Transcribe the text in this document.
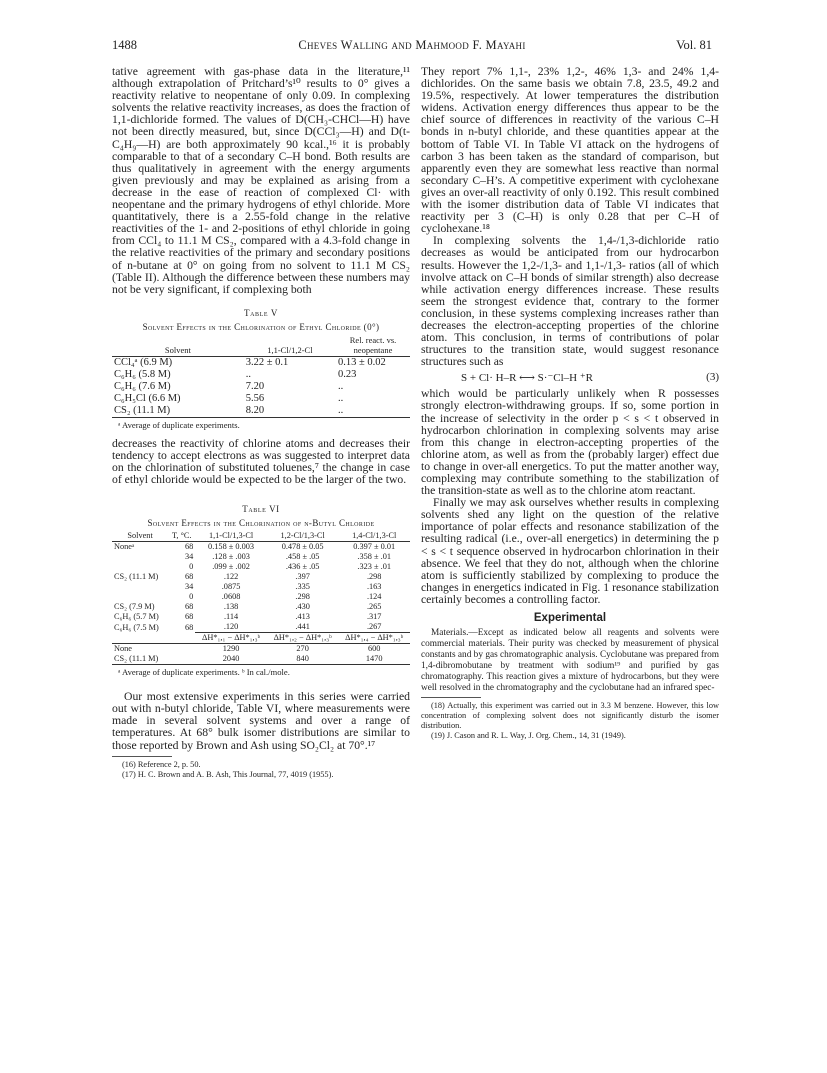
1488	Cheves Walling and Mahmood F. Mayahi	Vol. 81

tative agreement with gas-phase data in the literature,¹¹ although extrapolation of Pritchard’s¹⁰ results to 0° gives a reactivity relative to neopentane of only 0.09. In complexing solvents the relative reactivity increases, as does the fraction of 1,1-dichloride formed. The values of D(CH₃-CHCl—H) have not been directly measured, but, since D(CCl₃—H) and D(t-C₄H₉—H) are both approximately 90 kcal.,¹⁶ it is probably comparable to that of a secondary C–H bond. Both results are thus qualitatively in agreement with the energy arguments given previously and may be explained as arising from a decrease in the ease of reaction of complexed Cl· with neopentane and the primary hydrogens of ethyl chloride. More quantitatively, there is a 2.55-fold change in the relative reactivities of the 1- and 2-positions of ethyl chloride in going from CCl₄ to 11.1 M CS₂, compared with a 4.3-fold change in the relative reactivities of the primary and secondary positions of n-butane at 0° on going from no solvent to 11.1 M CS₂ (Table II). Although the difference between these numbers may not be very significant, if complexing both

Table V
Solvent Effects in the Chlorination of Ethyl Chloride (0°)
Solvent	1,1-Cl/1,2-Cl	Rel. react. vs. neopentane
CCl₄ᵃ (6.9 M)	3.22 ± 0.1	0.13 ± 0.02
C₆H₆ (5.8 M)	..	0.23
C₆H₆ (7.6 M)	7.20	..
C₆H₅Cl (6.6 M)	5.56	..
CS₂ (11.1 M)	8.20	..
ᵃ Average of duplicate experiments.

decreases the reactivity of chlorine atoms and decreases their tendency to accept electrons as was suggested to interpret data on the chlorination of substituted toluenes,⁷ the change in case of ethyl chloride would be expected to be the larger of the two.

Table VI
Solvent Effects in the Chlorination of n-Butyl Chloride
Solvent	T, °C.	1,1-Cl/1,3-Cl	1,2-Cl/1,3-Cl	1,4-Cl/1,3-Cl
Noneᵃ	68	0.158 ± 0.003	0.478 ± 0.05	0.397 ± 0.01
	34	.128 ± .003	.458 ± .05	.358 ± .01
	0	.099 ± .002	.436 ± .05	.323 ± .01
CS₂ (11.1 M)	68	.122	.397	.298
	34	.0875	.335	.163
	0	.0608	.298	.124
CS₂ (7.9 M)	68	.138	.430	.265
C₆H₆ (5.7 M)	68	.114	.413	.317
C₆H₆ (7.5 M)	68	.120	.441	.267
		ΔH*₁,₁ − ΔH*₁,₃ᵇ	ΔH*₁,₂ − ΔH*₁,₃ᵇ	ΔH*₁,₄ − ΔH*₁,₃ᵇ
None		1290	270	600
CS₂ (11.1 M)		2040	840	1470
ᵃ Average of duplicate experiments. ᵇ In cal./mole.

Our most extensive experiments in this series were carried out with n-butyl chloride, Table VI, where measurements were made in several solvent systems and over a range of temperatures. At 68° bulk isomer distributions are similar to those reported by Brown and Ash using SO₂Cl₂ at 70°.¹⁷

(16) Reference 2, p. 50.

(17) H. C. Brown and A. B. Ash, This Journal, 77, 4019 (1955).

They report 7% 1,1-, 23% 1,2-, 46% 1,3- and 24% 1,4-dichlorides. On the same basis we obtain 7.8, 23.5, 49.2 and 19.5%, respectively. At lower temperatures the distribution widens. Activation energy differences thus appear to be the chief source of differences in reactivity of the various C–H bonds in n-butyl chloride, and these quantities appear at the bottom of Table VI. In Table VI attack on the hydrogens of carbon 3 has been taken as the standard of comparison, but apparently even they are somewhat less reactive than normal secondary C–H’s. A competitive experiment with cyclohexane gives an over-all reactivity of only 0.192. This result combined with the isomer distribution data of Table VI indicates that reactivity per 3 (C–H) is only 0.28 that per C–H of cyclohexane.¹⁸

In complexing solvents the 1,4-/1,3-dichloride ratio decreases as would be anticipated from our hydrocarbon results. However the 1,2-/1,3- and 1,1-/1,3- ratios (all of which involve attack on C–H bonds of similar strength) also decrease while activation energy differences increase. These results seem the strongest evidence that, contrary to the former conclusion, in these systems complexing increases rather than decreases the electron-accepting properties of the chlorine atom. This conclusion, in terms of contributions of polar structures to the transition state, would suggest resonance structures such as

S + Cl· H–R ⟷ S·⁻Cl–H ⁺R	(3)

which would be particularly unlikely when R possesses strongly electron-withdrawing groups. If so, some portion in the increase of selectivity in the order p < s < t observed in hydrocarbon chlorination in complexing solvents may arise from this change in electron-accepting properties of the chlorine atom, as well as from the (probably larger) effect due to change in over-all energetics. To put the matter another way, complexing may contribute something to the stabilization of the transition-state as well as to the chlorine atom reactant.

Finally we may ask ourselves whether results in complexing solvents shed any light on the question of the relative importance of polar effects and resonance stabilization of the resulting radical (i.e., over-all energetics) in determining the p < s < t sequence observed in hydrocarbon chlorination in their absence. We feel that they do not, although when the chlorine atom is sufficiently stabilized by complexing to produce the changes in energetics indicated in Fig. 1 resonance stabilization certainly becomes a controlling factor.

Experimental

Materials.—Except as indicated below all reagents and solvents were commercial materials. Their purity was checked by measurement of physical constants and by gas chromatographic analysis. Cyclobutane was prepared from 1,4-dibromobutane by treatment with sodium¹⁹ and purified by gas chromatography. This reaction gives a mixture of hydrocarbons, but they were well resolved in the chromatography and the cyclobutane had an infrared spec-

(18) Actually, this experiment was carried out in 3.3 M benzene. However, this low concentration of complexing solvent does not significantly disturb the isomer distribution.

(19) J. Cason and R. L. Way, J. Org. Chem., 14, 31 (1949).
